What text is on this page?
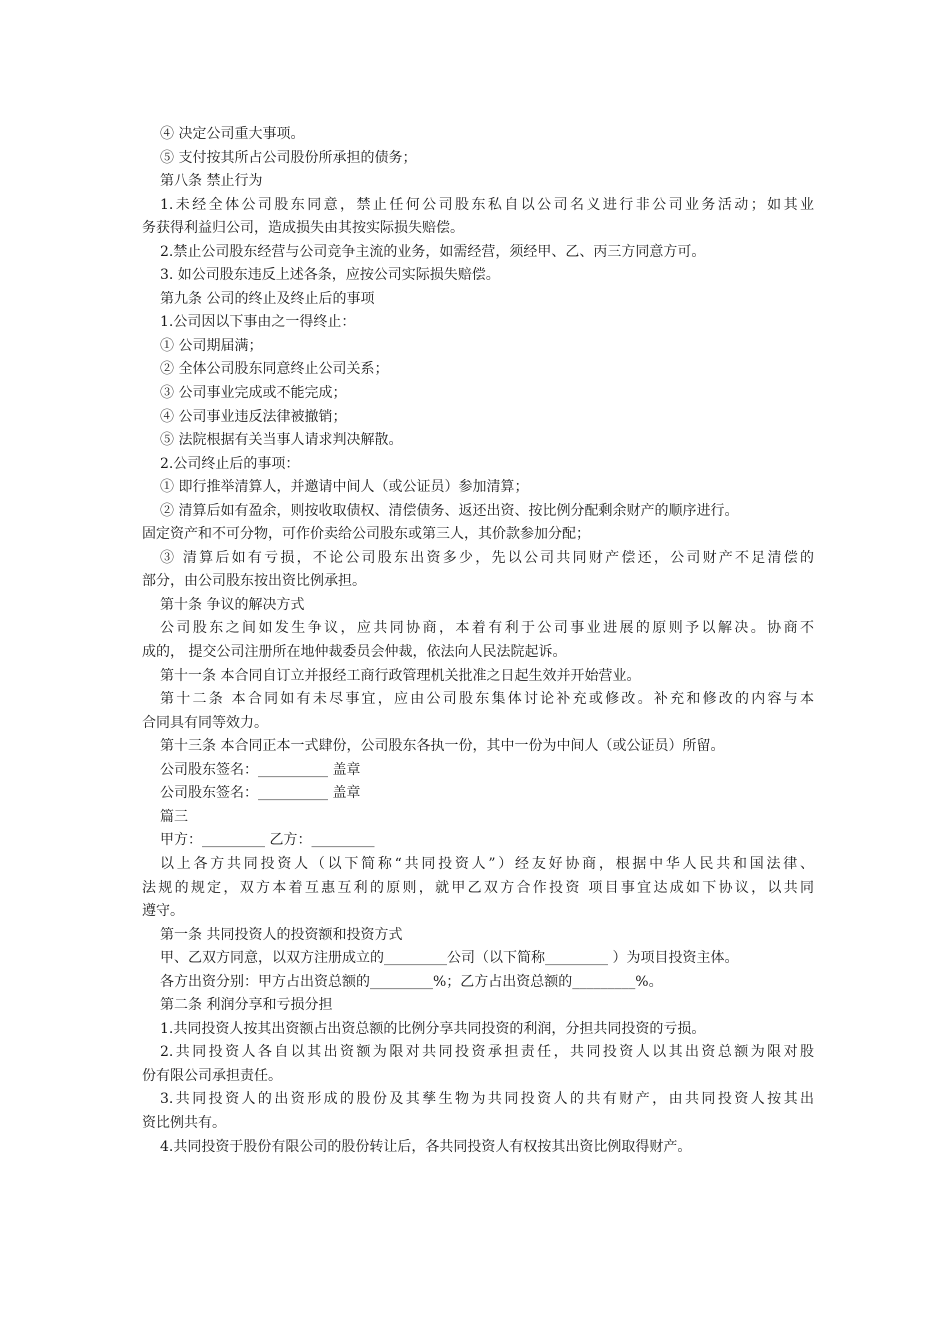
④ 决定公司重大事项。
⑤ 支付按其所占公司股份所承担的债务；
第八条 禁止行为
1.未经全体公司股东同意，禁止任何公司股东私自以公司名义进行非公司业务活动；如其业
务获得利益归公司，造成损失由其按实际损失赔偿。
2.禁止公司股东经营与公司竞争主流的业务，如需经营，须经甲、乙、丙三方同意方可。
3. 如公司股东违反上述各条，应按公司实际损失赔偿。
第九条 公司的终止及终止后的事项
1.公司因以下事由之一得终止：
① 公司期届满；
② 全体公司股东同意终止公司关系；
③ 公司事业完成或不能完成；
④ 公司事业违反法律被撤销；
⑤ 法院根据有关当事人请求判决解散。
2.公司终止后的事项：
① 即行推举清算人，并邀请中间人（或公证员）参加清算；
② 清算后如有盈余，则按收取债权、清偿债务、返还出资、按比例分配剩余财产的顺序进行。
固定资产和不可分物，可作价卖给公司股东或第三人，其价款参加分配；
③ 清算后如有亏损，不论公司股东出资多少，先以公司共同财产偿还，公司财产不足清偿的
部分，由公司股东按出资比例承担。
第十条 争议的解决方式
公司股东之间如发生争议，应共同协商，本着有利于公司事业进展的原则予以解决。协商不
成的， 提交公司注册所在地仲裁委员会仲裁，依法向人民法院起诉。
第十一条 本合同自订立并报经工商行政管理机关批准之日起生效并开始营业。
第十二条 本合同如有未尽事宜，应由公司股东集体讨论补充或修改。补充和修改的内容与本
合同具有同等效力。
第十三条 本合同正本一式肆份，公司股东各执一份，其中一份为中间人（或公证员）所留。
公司股东签名：__________ 盖章
公司股东签名：__________ 盖章
篇三
甲方：_________ 乙方：_________
以上各方共同投资人（以下简称“共同投资人”）经友好协商，根据中华人民共和国法律、
法规的规定，双方本着互惠互利的原则，就甲乙双方合作投资 项目事宜达成如下协议，以共同
遵守。
第一条 共同投资人的投资额和投资方式
甲、乙双方同意，以双方注册成立的_________公司（以下简称_________ ）为项目投资主体。
各方出资分别：甲方占出资总额的_________%；乙方占出资总额的_________%。
第二条 利润分享和亏损分担
1.共同投资人按其出资额占出资总额的比例分享共同投资的利润，分担共同投资的亏损。
2.共同投资人各自以其出资额为限对共同投资承担责任，共同投资人以其出资总额为限对股
份有限公司承担责任。
3.共同投资人的出资形成的股份及其孳生物为共同投资人的共有财产，由共同投资人按其出
资比例共有。
4.共同投资于股份有限公司的股份转让后，各共同投资人有权按其出资比例取得财产。
